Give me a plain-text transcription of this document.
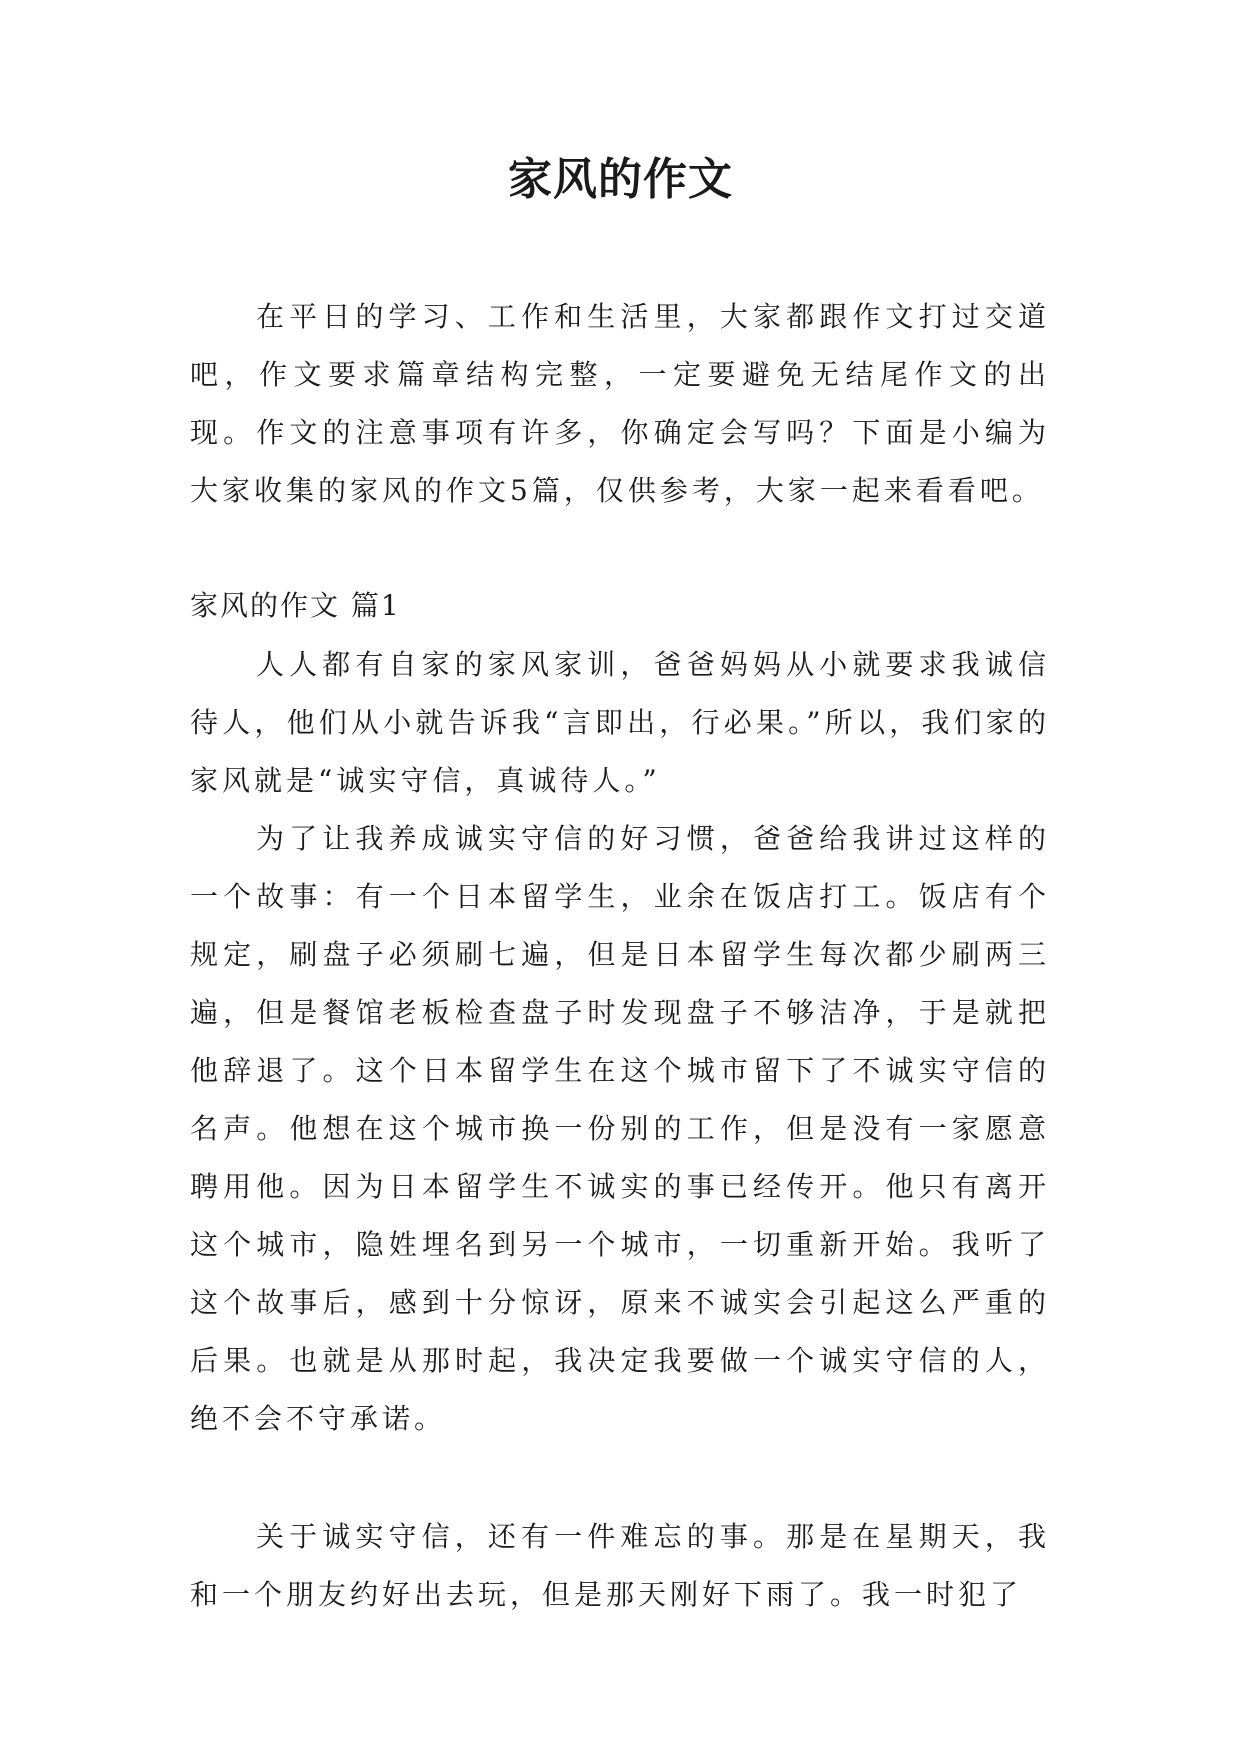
家风的作文

在平日的学习、工作和生活里，大家都跟作文打过交道吧，作文要求篇章结构完整，一定要避免无结尾作文的出现。作文的注意事项有许多，你确定会写吗？下面是小编为大家收集的家风的作文5篇，仅供参考，大家一起来看看吧。

家风的作文 篇1

人人都有自家的家风家训，爸爸妈妈从小就要求我诚信待人，他们从小就告诉我“言即出，行必果。”所以，我们家的家风就是“诚实守信，真诚待人。”

为了让我养成诚实守信的好习惯，爸爸给我讲过这样的一个故事：有一个日本留学生，业余在饭店打工。饭店有个规定，刷盘子必须刷七遍，但是日本留学生每次都少刷两三遍，但是餐馆老板检查盘子时发现盘子不够洁净，于是就把他辞退了。这个日本留学生在这个城市留下了不诚实守信的名声。他想在这个城市换一份别的工作，但是没有一家愿意聘用他。因为日本留学生不诚实的事已经传开。他只有离开这个城市，隐姓埋名到另一个城市，一切重新开始。我听了这个故事后，感到十分惊讶，原来不诚实会引起这么严重的后果。也就是从那时起，我决定我要做一个诚实守信的人，绝不会不守承诺。

关于诚实守信，还有一件难忘的事。那是在星期天，我和一个朋友约好出去玩，但是那天刚好下雨了。我一时犯了
